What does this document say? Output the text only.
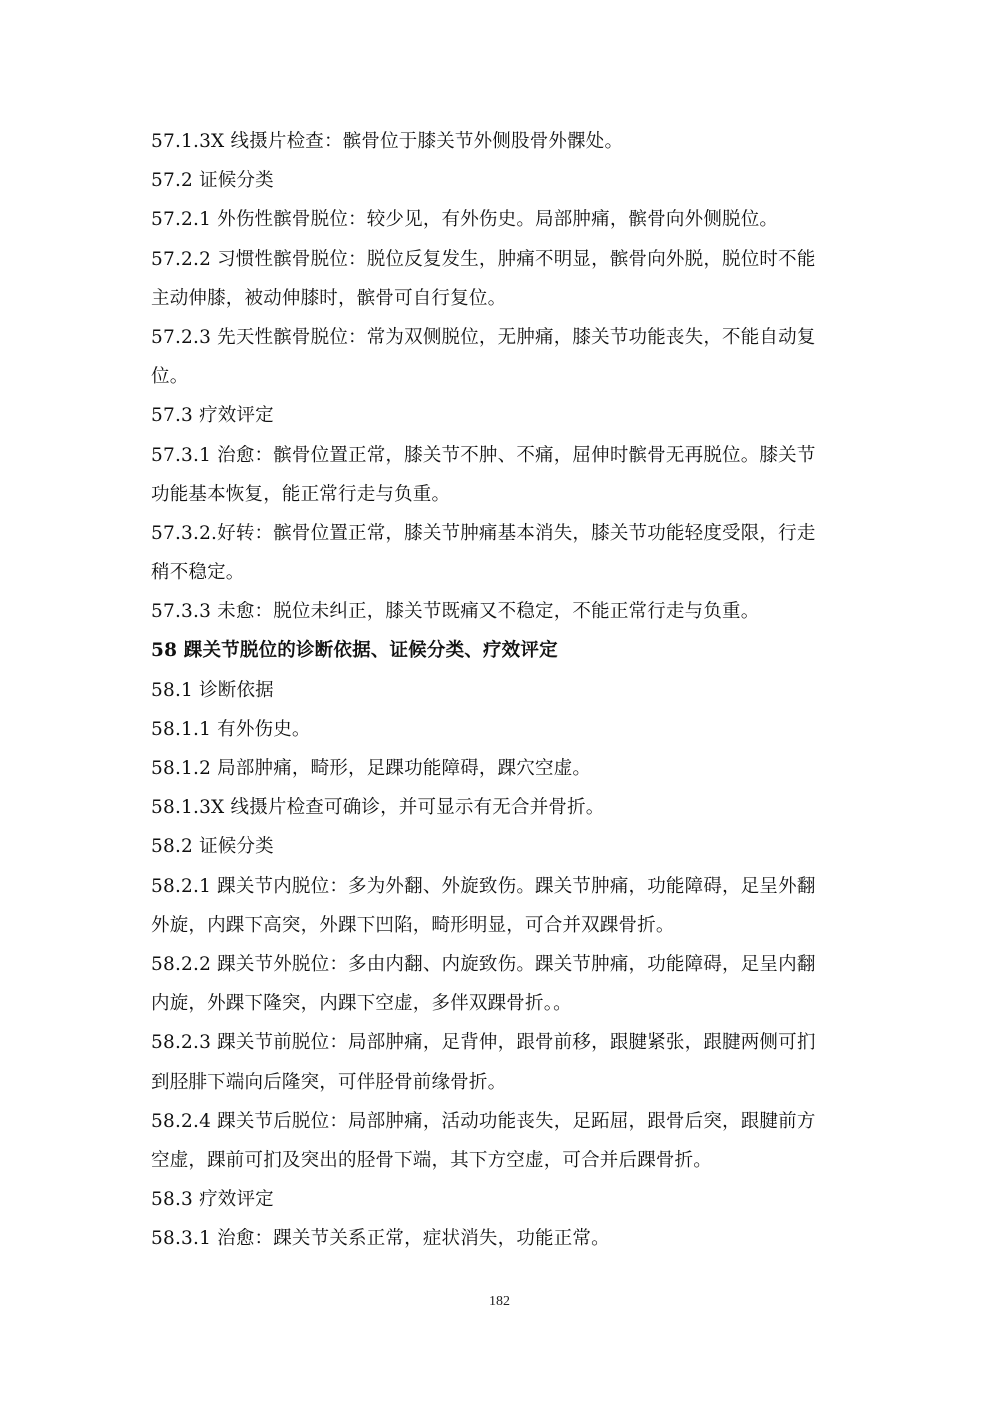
57.1.3X 线摄片检查：髌骨位于膝关节外侧股骨外髁处。
57.2 证候分类
57.2.1 外伤性髌骨脱位：较少见，有外伤史。局部肿痛，髌骨向外侧脱位。
57.2.2 习惯性髌骨脱位：脱位反复发生，肿痛不明显，髌骨向外脱，脱位时不能
主动伸膝，被动伸膝时，髌骨可自行复位。
57.2.3 先天性髌骨脱位：常为双侧脱位，无肿痛，膝关节功能丧失，不能自动复
位。
57.3 疗效评定
57.3.1 治愈：髌骨位置正常，膝关节不肿、不痛，屈伸时髌骨无再脱位。膝关节
功能基本恢复，能正常行走与负重。
57.3.2.好转：髌骨位置正常，膝关节肿痛基本消失，膝关节功能轻度受限，行走
稍不稳定。
57.3.3 未愈：脱位未纠正，膝关节既痛又不稳定，不能正常行走与负重。
58 踝关节脱位的诊断依据、证候分类、疗效评定
58.1 诊断依据
58.1.1 有外伤史。
58.1.2 局部肿痛，畸形，足踝功能障碍，踝穴空虚。
58.1.3X 线摄片检查可确诊，并可显示有无合并骨折。
58.2 证候分类
58.2.1 踝关节内脱位：多为外翻、外旋致伤。踝关节肿痛，功能障碍，足呈外翻
外旋，内踝下高突，外踝下凹陷，畸形明显，可合并双踝骨折。
58.2.2 踝关节外脱位：多由内翻、内旋致伤。踝关节肿痛，功能障碍，足呈内翻
内旋，外踝下隆突，内踝下空虚，多伴双踝骨折。。
58.2.3 踝关节前脱位：局部肿痛，足背伸，跟骨前移，跟腱紧张，跟腱两侧可扪
到胫腓下端向后隆突，可伴胫骨前缘骨折。
58.2.4 踝关节后脱位：局部肿痛，活动功能丧失，足跖屈，跟骨后突，跟腱前方
空虚，踝前可扪及突出的胫骨下端，其下方空虚，可合并后踝骨折。
58.3 疗效评定
58.3.1 治愈：踝关节关系正常，症状消失，功能正常。
182
